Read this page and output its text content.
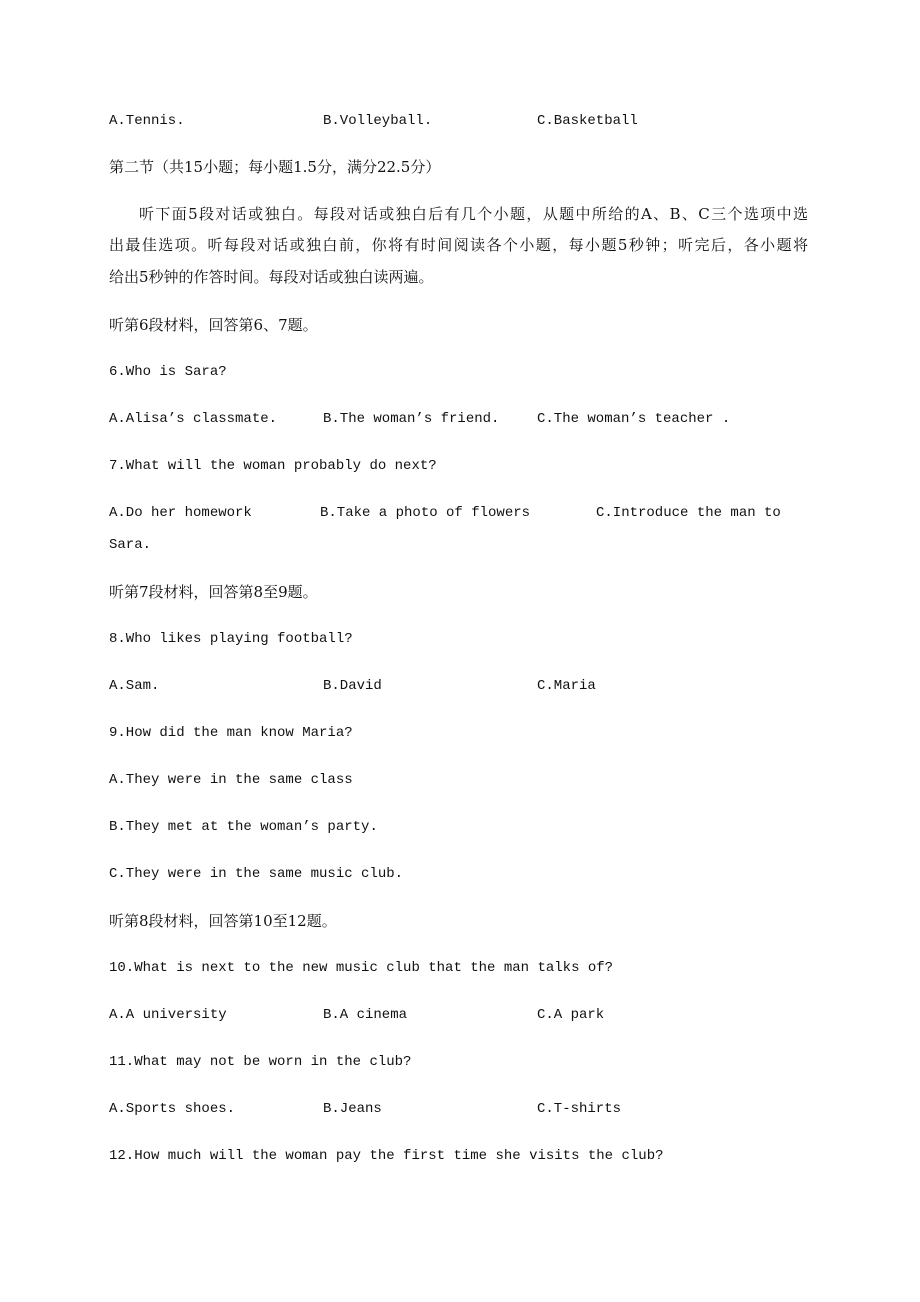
A.Tennis.	B.Volleyball.	C.Basketball
第二节（共15小题；每小题1.5分，满分22.5分）
听下面5段对话或独白。每段对话或独白后有几个小题，从题中所给的A、B、C三个选项中选
出最佳选项。听每段对话或独白前，你将有时间阅读各个小题，每小题5秒钟；听完后，各小题将
给出5秒钟的作答时间。每段对话或独白读两遍。
听第6段材料，回答第6、7题。
6.Who is Sara?
A.Alisa’s classmate.	B.The woman’s friend.	C.The woman’s teacher .
7.What will the woman probably do next?
A.Do her homework	B.Take a photo of flowers	C.Introduce the man to
Sara.
听第7段材料，回答第8至9题。
8.Who likes playing football?
A.Sam.	B.David	C.Maria
9.How did the man know Maria?
A.They were in the same class
B.They met at the woman’s party.
C.They were in the same music club.
听第8段材料，回答第10至12题。
10.What is next to the new music club that the man talks of?
A.A university	B.A cinema	C.A park
11.What may not be worn in the club?
A.Sports shoes.	B.Jeans	C.T-shirts
12.How much will the woman pay the first time she visits the club?
